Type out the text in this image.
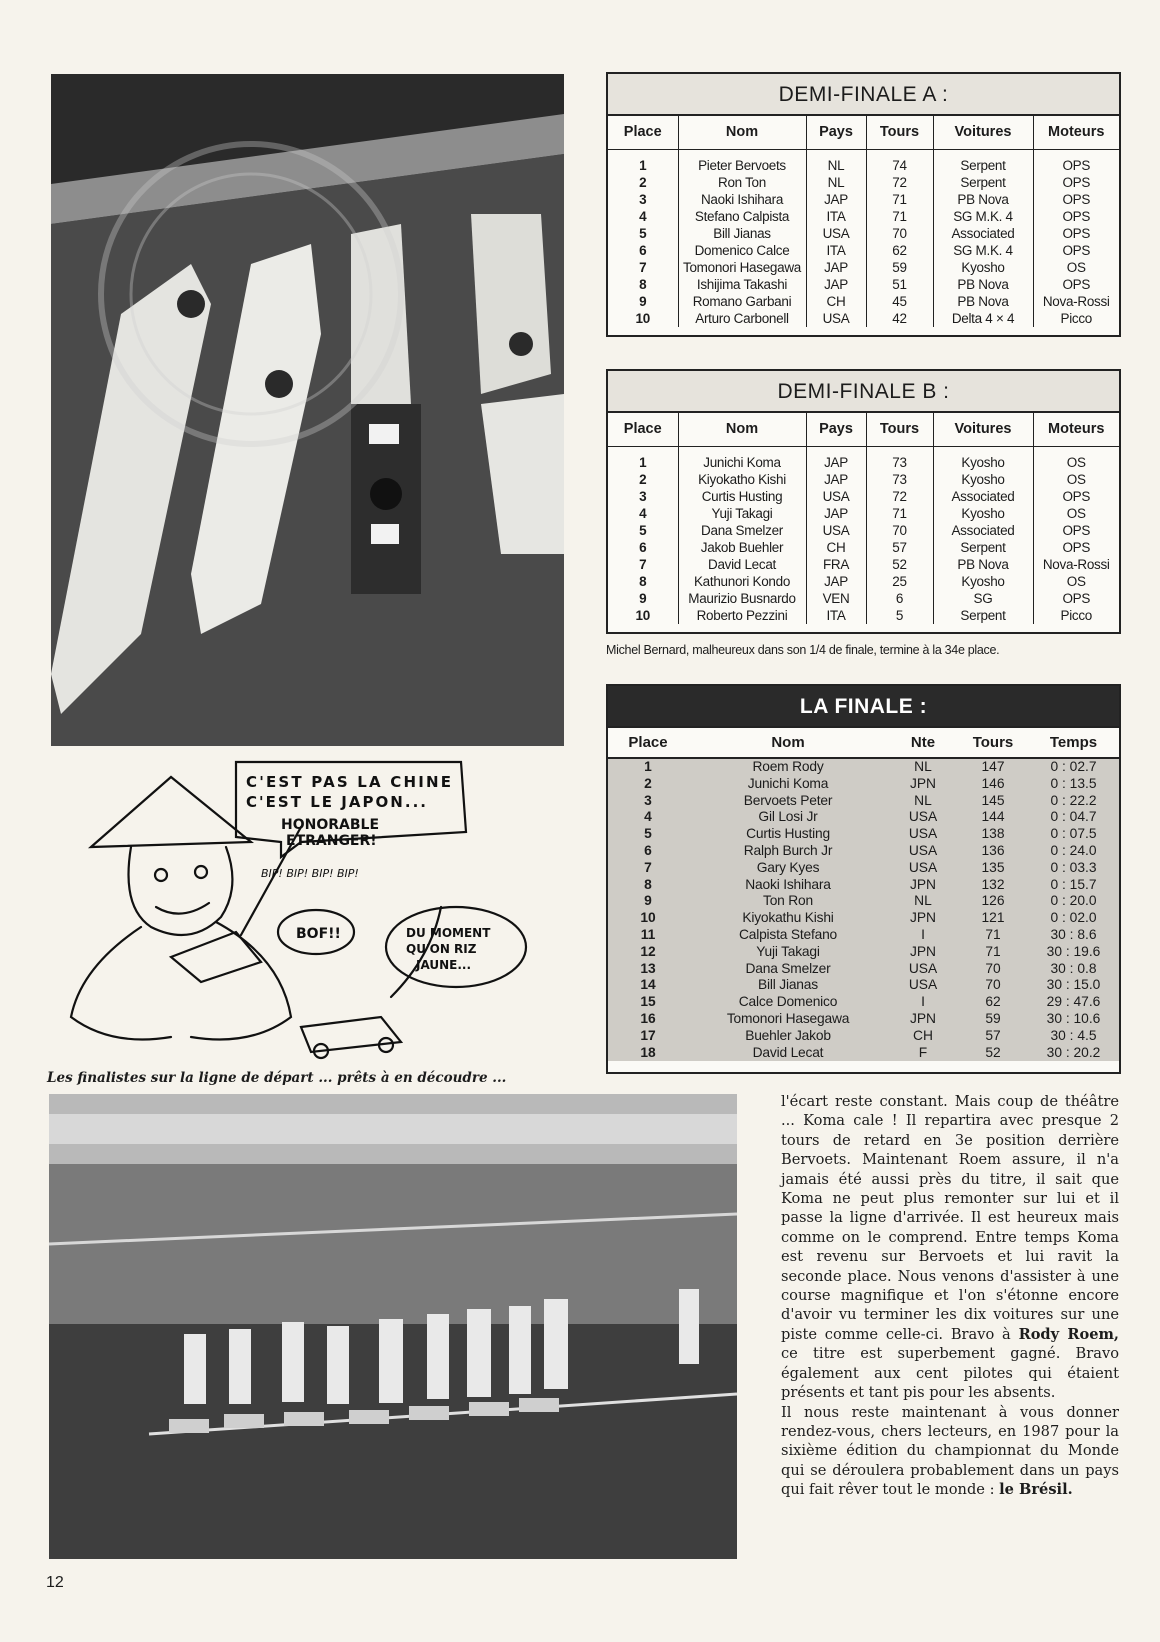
C'EST PAS LA CHINE
C'EST LE JAPON...
HONORABLE
ETRANGER!
BIP! BIP! BIP! BIP!
BOF!!	DU MOMENT
QU'ON RIZ
JAUNE...
Les finalistes sur la ligne de départ ... prêts à en découdre ...
DEMI-FINALE A :
Place	Nom	Pays	Tours	Voitures	Moteurs

1	Pieter Bervoets	NL	74	Serpent	OPS
2	Ron Ton	NL	72	Serpent	OPS
3	Naoki Ishihara	JAP	71	PB Nova	OPS
4	Stefano Calpista	ITA	71	SG M.K. 4	OPS
5	Bill Jianas	USA	70	Associated	OPS
6	Domenico Calce	ITA	62	SG M.K. 4	OPS
7	Tomonori Hasegawa	JAP	59	Kyosho	OS
8	Ishijima Takashi	JAP	51	PB Nova	OPS
9	Romano Garbani	CH	45	PB Nova	Nova-Rossi
10	Arturo Carbonell	USA	42	Delta 4 × 4	Picco
DEMI-FINALE B :
Place	Nom	Pays	Tours	Voitures	Moteurs

1	Junichi Koma	JAP	73	Kyosho	OS
2	Kiyokatho Kishi	JAP	73	Kyosho	OS
3	Curtis Husting	USA	72	Associated	OPS
4	Yuji Takagi	JAP	71	Kyosho	OS
5	Dana Smelzer	USA	70	Associated	OPS
6	Jakob Buehler	CH	57	Serpent	OPS
7	David Lecat	FRA	52	PB Nova	Nova-Rossi
8	Kathunori Kondo	JAP	25	Kyosho	OS
9	Maurizio Busnardo	VEN	6	SG	OPS
10	Roberto Pezzini	ITA	5	Serpent	Picco
Michel Bernard, malheureux dans son 1/4 de finale, termine à la 34e place.
LA FINALE :
Place	Nom	Nte	Tours	Temps
1	Roem Rody	NL	147	0 : 02.7
2	Junichi Koma	JPN	146	0 : 13.5
3	Bervoets Peter	NL	145	0 : 22.2
4	Gil Losi Jr	USA	144	0 : 04.7
5	Curtis Husting	USA	138	0 : 07.5
6	Ralph Burch Jr	USA	136	0 : 24.0
7	Gary Kyes	USA	135	0 : 03.3
8	Naoki Ishihara	JPN	132	0 : 15.7
9	Ton Ron	NL	126	0 : 20.0
10	Kiyokathu Kishi	JPN	121	0 : 02.0
11	Calpista Stefano	I	71	30 : 8.6
12	Yuji Takagi	JPN	71	30 : 19.6
13	Dana Smelzer	USA	70	30 : 0.8
14	Bill Jianas	USA	70	30 : 15.0
15	Calce Domenico	I	62	29 : 47.6
16	Tomonori Hasegawa	JPN	59	30 : 10.6
17	Buehler Jakob	CH	57	30 : 4.5
18	David Lecat	F	52	30 : 20.2

l'écart reste constant. Mais coup de théâtre ... Koma cale ! Il repartira avec presque 2 tours de retard en 3e position derrière Bervoets. Maintenant Roem assure, il n'a jamais été aussi près du titre, il sait que Koma ne peut plus remonter sur lui et il passe la ligne d'arrivée. Il est heureux mais comme on le comprend. Entre temps Koma est revenu sur Bervoets et lui ravit la seconde place. Nous venons d'assister à une course magnifique et l'on s'étonne encore d'avoir vu terminer les dix voitures sur une piste comme celle-ci. Bravo à Rody Roem, ce titre est superbement gagné. Bravo également aux cent pilotes qui étaient présents et tant pis pour les absents.

Il nous reste maintenant à vous donner rendez-vous, chers lecteurs, en 1987 pour la sixième édition du championnat du Monde qui se déroulera probablement dans un pays qui fait rêver tout le monde : le Brésil.

12
